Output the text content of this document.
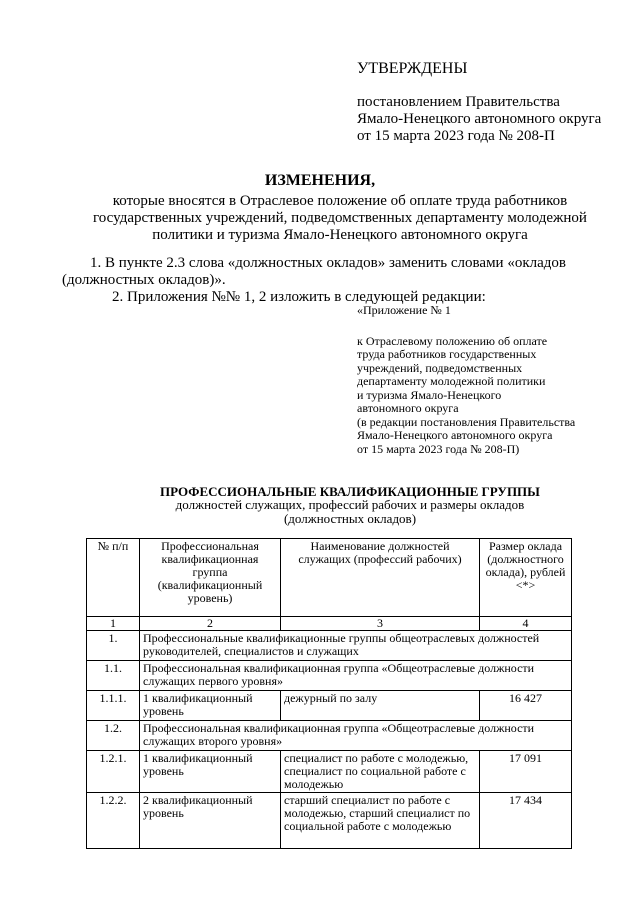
УТВЕРЖДЕНЫ
постановлением Правительства
Ямало-Ненецкого автономного округа
от 15 марта 2023 года № 208-П
ИЗМЕНЕНИЯ,
которые вносятся в Отраслевое положение об оплате труда работников
государственных учреждений, подведомственных департаменту молодежной
политики и туризма Ямало-Ненецкого автономного округа
1. В пункте 2.3 слова «должностных окладов» заменить словами «окладов
(должностных окладов)».
2. Приложения №№ 1, 2 изложить в следующей редакции:
«Приложение № 1
к Отраслевому положению об оплате
труда работников государственных
учреждений, подведомственных
департаменту молодежной политики
и туризма Ямало-Ненецкого
автономного округа
(в редакции постановления Правительства
Ямало-Ненецкого автономного округа
от 15 марта 2023 года № 208-П)
ПРОФЕССИОНАЛЬНЫЕ КВАЛИФИКАЦИОННЫЕ ГРУППЫ
должностей служащих, профессий рабочих и размеры окладов
(должностных окладов)
№ п/п	Профессиональная квалификационная группа (квалификационный уровень)	Наименование должностей служащих (профессий рабочих)	Размер оклада (должностного оклада), рублей <*>
1	2	3	4
1.	Профессиональные квалификационные группы общеотраслевых должностей руководителей, специалистов и служащих		
1.1.	Профессиональная квалификационная группа «Общеотраслевые должности служащих первого уровня»		
1.1.1.	1 квалификационный уровень	дежурный по залу	16 427
1.2.	Профессиональная квалификационная группа «Общеотраслевые должности служащих второго уровня»		
1.2.1.	1 квалификационный уровень	специалист по работе с молодежью, специалист по социальной работе с молодежью	17 091
1.2.2.	2 квалификационный уровень	старший специалист по работе с молодежью, старший специалист по социальной работе с молодежью	17 434
